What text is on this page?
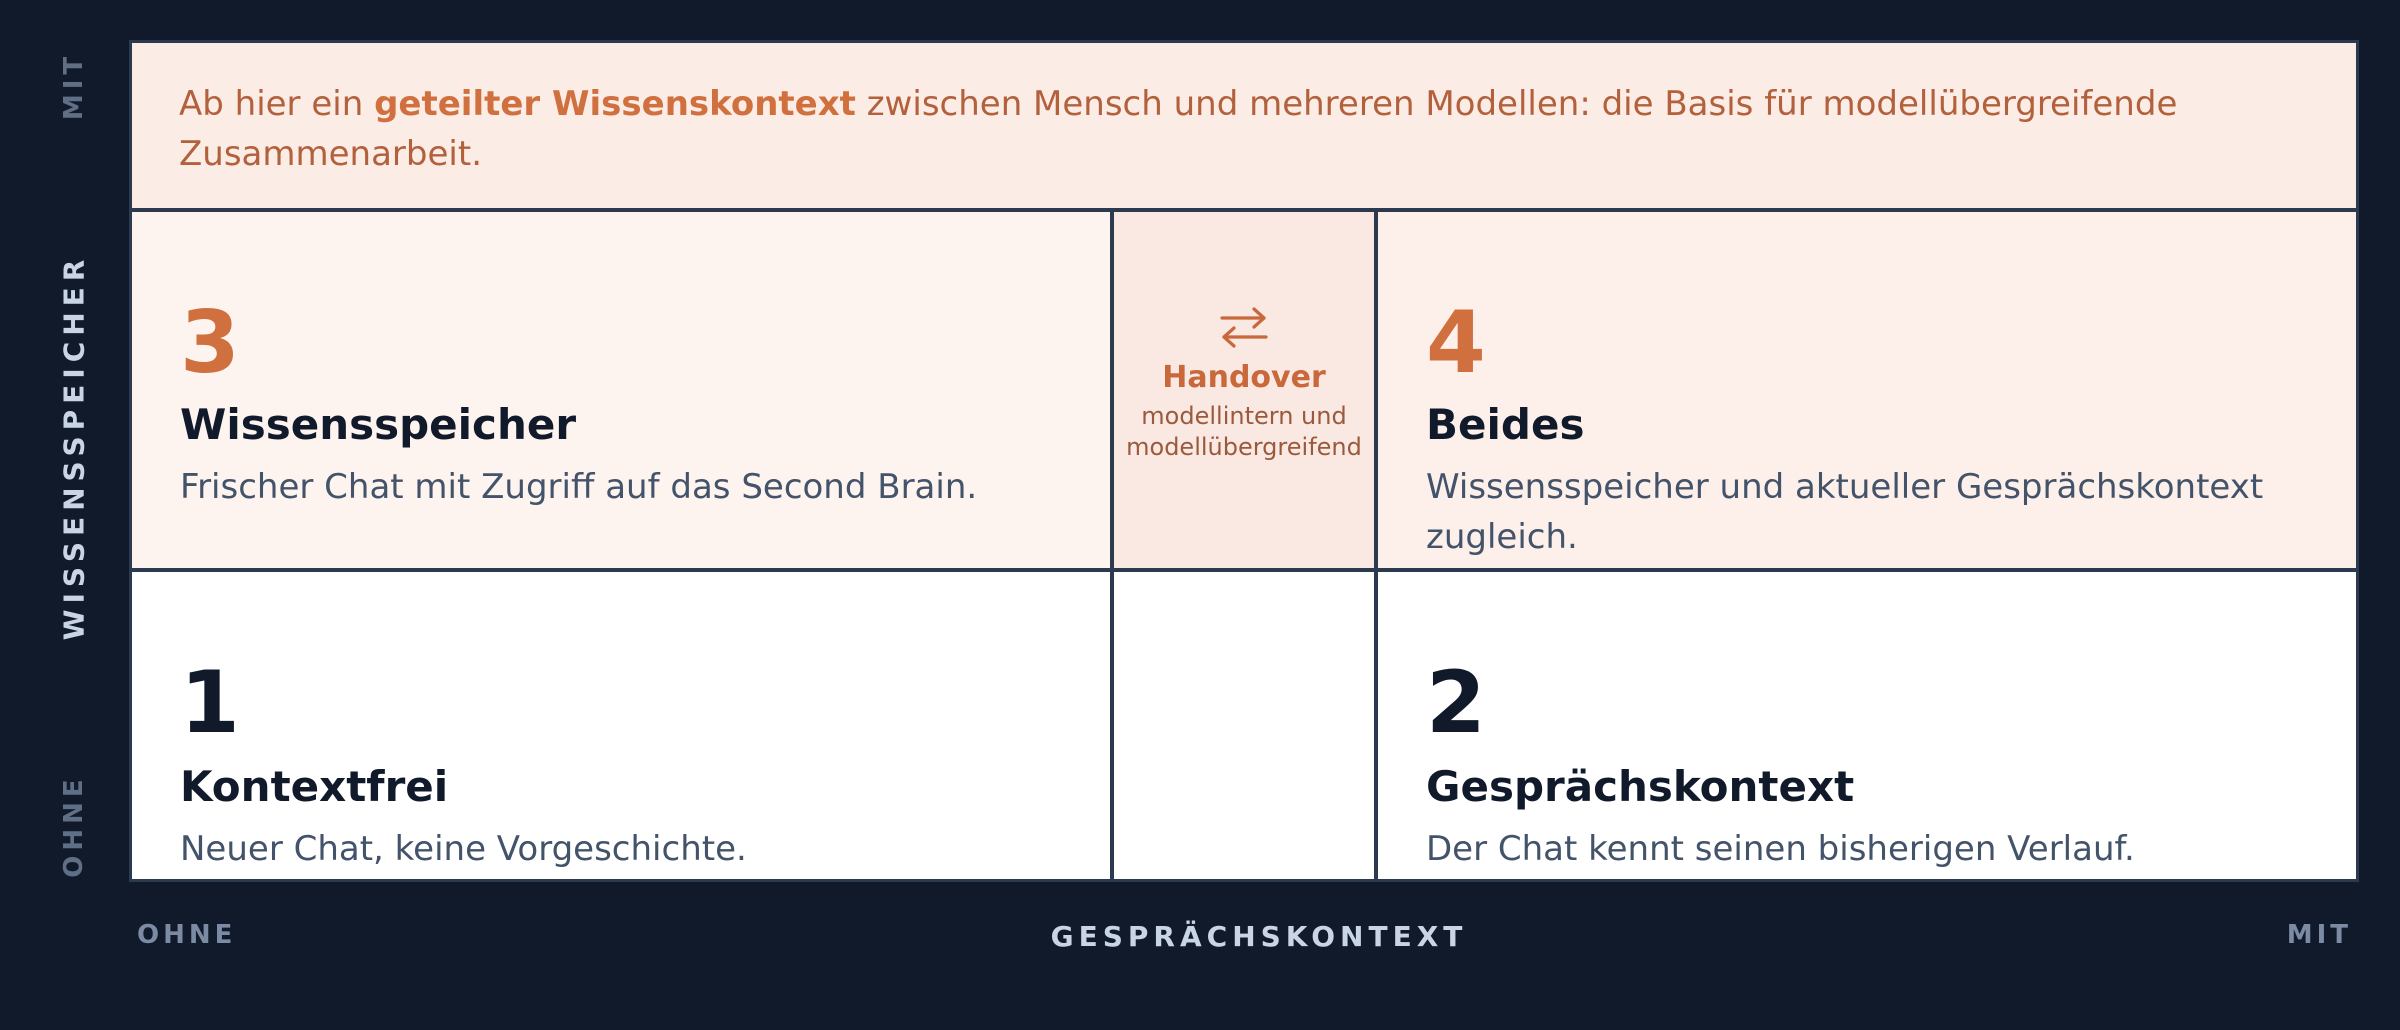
MIT
WISSENSSPEICHER
OHNE
Ab hier ein geteilter Wissenskontext zwischen Mensch und mehreren Modellen: die Basis für modellübergreifende Zusammenarbeit.
3
Wissensspeicher
Frischer Chat mit Zugriff auf das Second Brain.
Handover
modellintern und
modellübergreifend
4
Beides
Wissensspeicher und aktueller Gesprächskontext zugleich.
1
Kontextfrei
Neuer Chat, keine Vorgeschichte.
2
Gesprächskontext
Der Chat kennt seinen bisherigen Verlauf.
OHNE	GESPRÄCHSKONTEXT	MIT
